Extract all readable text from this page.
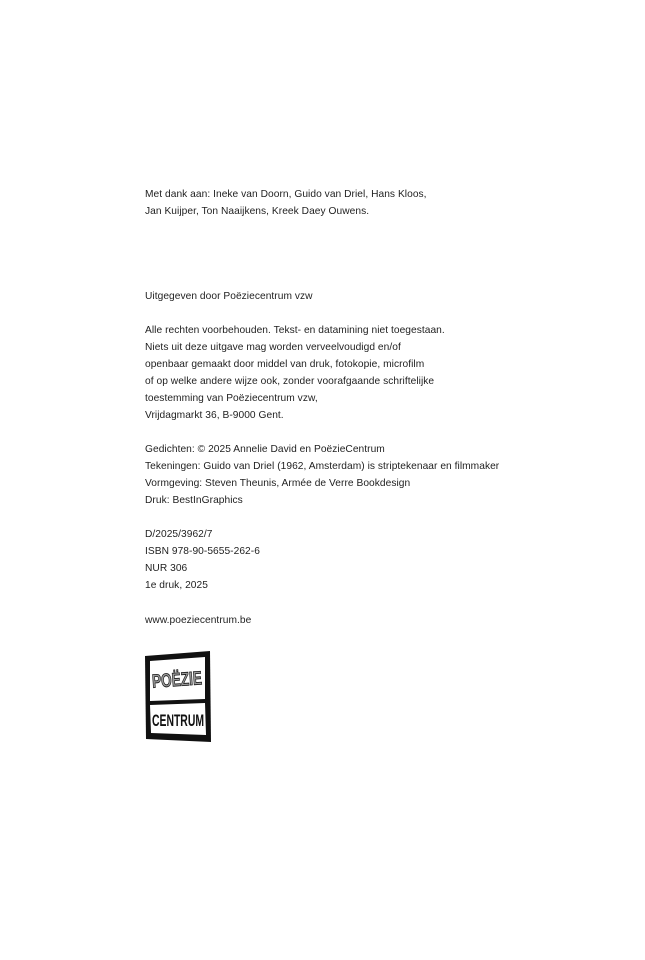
Met dank aan: Ineke van Doorn, Guido van Driel, Hans Kloos,
Jan Kuijper, Ton Naaijkens, Kreek Daey Ouwens.
Uitgegeven door Poëziecentrum vzw
Alle rechten voorbehouden. Tekst- en datamining niet toegestaan.
Niets uit deze uitgave mag worden verveelvoudigd en/of
openbaar gemaakt door middel van druk, fotokopie, microfilm
of op welke andere wijze ook, zonder voorafgaande schriftelijke
toestemming van Poëziecentrum vzw,
Vrijdagmarkt 36, B-9000 Gent.
Gedichten: © 2025 Annelie David en PoëzieCentrum
Tekeningen: Guido van Driel (1962, Amsterdam) is striptekenaar en filmmaker
Vormgeving: Steven Theunis, Armée de Verre Bookdesign
Druk: BestInGraphics
D/2025/3962/7
ISBN 978-90-5655-262-6
NUR 306
1e druk, 2025
www.poeziecentrum.be
POËZIE
CENTRUM
